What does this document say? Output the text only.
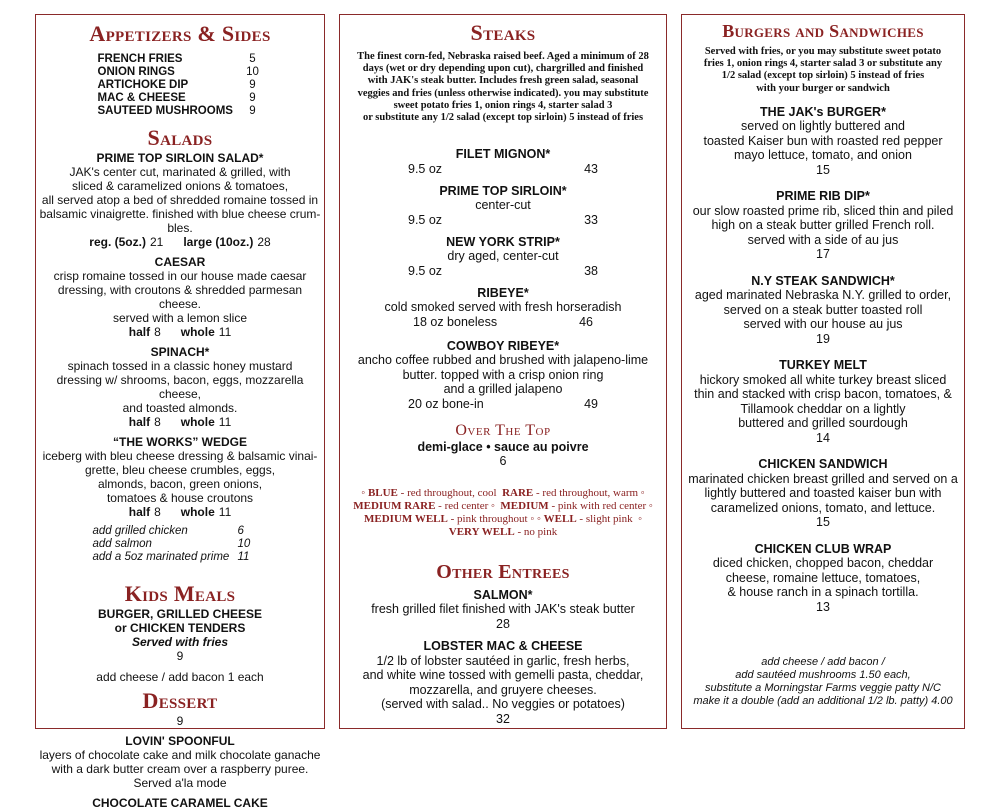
Appetizers & Sides
FRENCH FRIES	5
ONION RINGS	10
ARTICHOKE DIP	9
MAC & CHEESE	9
SAUTEED MUSHROOMS	9
Salads
PRIME TOP SIRLOIN SALAD*
JAK's center cut, marinated & grilled, with
sliced & caramelized onions & tomatoes,
all served atop a bed of shredded romaine tossed in
balsamic vinaigrette. finished with blue cheese crum-
bles.
reg. (5oz.) 21 large (10oz.) 28
CAESAR
crisp romaine tossed in our house made caesar
dressing, with croutons & shredded parmesan cheese.
served with a lemon slice
half 8 whole 11
SPINACH*
spinach tossed in a classic honey mustard
dressing w/ shrooms, bacon, eggs, mozzarella cheese,
and toasted almonds.
half 8 whole 11
“THE WORKS” WEDGE
iceberg with bleu cheese dressing & balsamic vinai-
grette, bleu cheese crumbles, eggs,
almonds, bacon, green onions,
tomatoes & house croutons
half 8 whole 11
add grilled chicken	6
add salmon	10
add a 5oz marinated prime 11
Kids Meals
BURGER, GRILLED CHEESE
or CHICKEN TENDERS
Served with fries
9
add cheese / add bacon 1 each
Dessert
9
LOVIN' SPOONFUL
layers of chocolate cake and milk chocolate ganache
with a dark butter cream over a raspberry puree.
Served a'la mode
CHOCOLATE CARAMEL CAKE
Steaks
The finest corn-fed, Nebraska raised beef. Aged a minimum of 28
days (wet or dry depending upon cut), chargrilled and finished
with JAK's steak butter. Includes fresh green salad, seasonal
veggies and fries (unless otherwise indicated). you may substitute
sweet potato fries 1, onion rings 4, starter salad 3
or substitute any 1/2 salad (except top sirloin) 5 instead of fries
FILET MIGNON*
9.5 oz	43
PRIME TOP SIRLOIN*
center-cut
9.5 oz	33
NEW YORK STRIP*
dry aged, center-cut
9.5 oz	38
RIBEYE*
cold smoked served with fresh horseradish
18 oz boneless	46
COWBOY RIBEYE*
ancho coffee rubbed and brushed with jalapeno-lime
butter. topped with a crisp onion ring
and a grilled jalapeno
20 oz bone-in	49
Over The Top
demi-glace • sauce au poivre
6
◦ BLUE - red throughout, cool RARE - red throughout, warm ◦
MEDIUM RARE - red center ◦  MEDIUM - pink with red center ◦
MEDIUM WELL - pink throughout ◦ ◦ WELL - slight pink  ◦
VERY WELL - no pink
Other Entrees
SALMON*
fresh grilled filet finished with JAK's steak butter
28
LOBSTER MAC & CHEESE
1/2 lb of lobster sautéed in garlic, fresh herbs,
and white wine tossed with gemelli pasta, cheddar,
mozzarella, and gruyere cheeses.
(served with salad.. No veggies or potatoes)
32
Burgers and Sandwiches
Served with fries, or you may substitute sweet potato
fries 1, onion rings 4, starter salad 3 or substitute any
1/2 salad (except top sirloin) 5 instead of fries
with your burger or sandwich
THE JAK's BURGER*
served on lightly buttered and
toasted Kaiser bun with roasted red pepper
mayo lettuce, tomato, and onion
15
PRIME RIB DIP*
our slow roasted prime rib, sliced thin and piled
high on a steak butter grilled French roll.
served with a side of au jus
17
N.Y STEAK SANDWICH*
aged marinated Nebraska N.Y. grilled to order,
served on a steak butter toasted roll
served with our house au jus
19
TURKEY MELT
hickory smoked all white turkey breast sliced
thin and stacked with crisp bacon, tomatoes, &
Tillamook cheddar on a lightly
buttered and grilled sourdough
14
CHICKEN SANDWICH
marinated chicken breast grilled and served on a
lightly buttered and toasted kaiser bun with
caramelized onions, tomato, and lettuce.
15
CHICKEN CLUB WRAP
diced chicken, chopped bacon, cheddar
cheese, romaine lettuce, tomatoes,
& house ranch in a spinach tortilla.
13
add cheese / add bacon /
add sautéed mushrooms 1.50 each,
substitute a Morningstar Farms veggie patty N/C
make it a double (add an additional 1/2 lb. patty) 4.00
